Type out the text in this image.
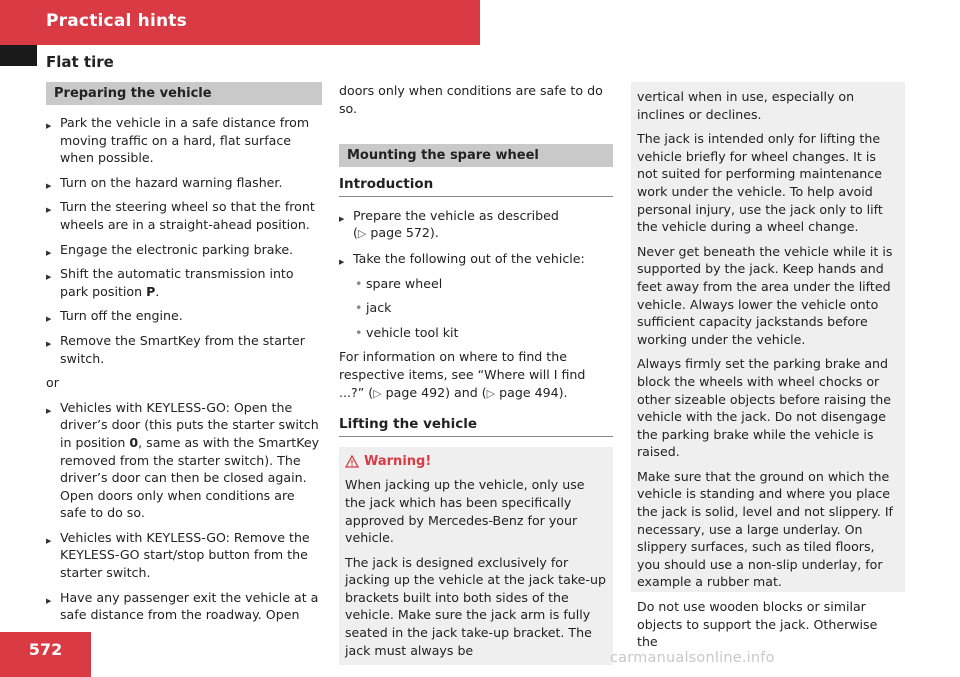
Practical hints
Flat tire
Preparing the vehicle
▶ Park the vehicle in a safe distance from moving traffic on a hard, flat surface when possible.
▶ Turn on the hazard warning flasher.
▶ Turn the steering wheel so that the front wheels are in a straight-ahead position.
▶ Engage the electronic parking brake.
▶ Shift the automatic transmission into park position P.
▶ Turn off the engine.
▶ Remove the SmartKey from the starter switch.

or

▶ Vehicles with KEYLESS-GO: Open the driver’s door (this puts the starter switch in position 0, same as with the SmartKey removed from the starter switch). The driver’s door can then be closed again. Open doors only when conditions are safe to do so.
▶ Vehicles with KEYLESS-GO: Remove the KEYLESS-GO start/stop button from the starter switch.
▶ Have any passenger exit the vehicle at a safe distance from the roadway. Open

doors only when conditions are safe to do so.

Mounting the spare wheel
Introduction
▶ Prepare the vehicle as described
(▷ page 572).
▶ Take the following out of the vehicle:
• spare wheel
• jack
• vehicle tool kit

For information on where to find the respective items, see “Where will I find ...?” (▷ page 492) and (▷ page 494).

Lifting the vehicle
Warning!

When jacking up the vehicle, only use the jack which has been specifically approved by Mercedes-Benz for your vehicle.

The jack is designed exclusively for jacking up the vehicle at the jack take-up brackets built into both sides of the vehicle. Make sure the jack arm is fully seated in the jack take-up bracket. The jack must always be

vertical when in use, especially on inclines or declines.

The jack is intended only for lifting the vehicle briefly for wheel changes. It is not suited for performing maintenance work under the vehicle. To help avoid personal injury, use the jack only to lift the vehicle during a wheel change.

Never get beneath the vehicle while it is supported by the jack. Keep hands and feet away from the area under the lifted vehicle. Always lower the vehicle onto sufficient capacity jackstands before working under the vehicle.

Always firmly set the parking brake and block the wheels with wheel chocks or other sizeable objects before raising the vehicle with the jack. Do not disengage the parking brake while the vehicle is raised.

Make sure that the ground on which the vehicle is standing and where you place the jack is solid, level and not slippery. If necessary, use a large underlay. On slippery surfaces, such as tiled floors, you should use a non-slip underlay, for example a rubber mat.

Do not use wooden blocks or similar objects to support the jack. Otherwise the

572	carmanualsonline.info
